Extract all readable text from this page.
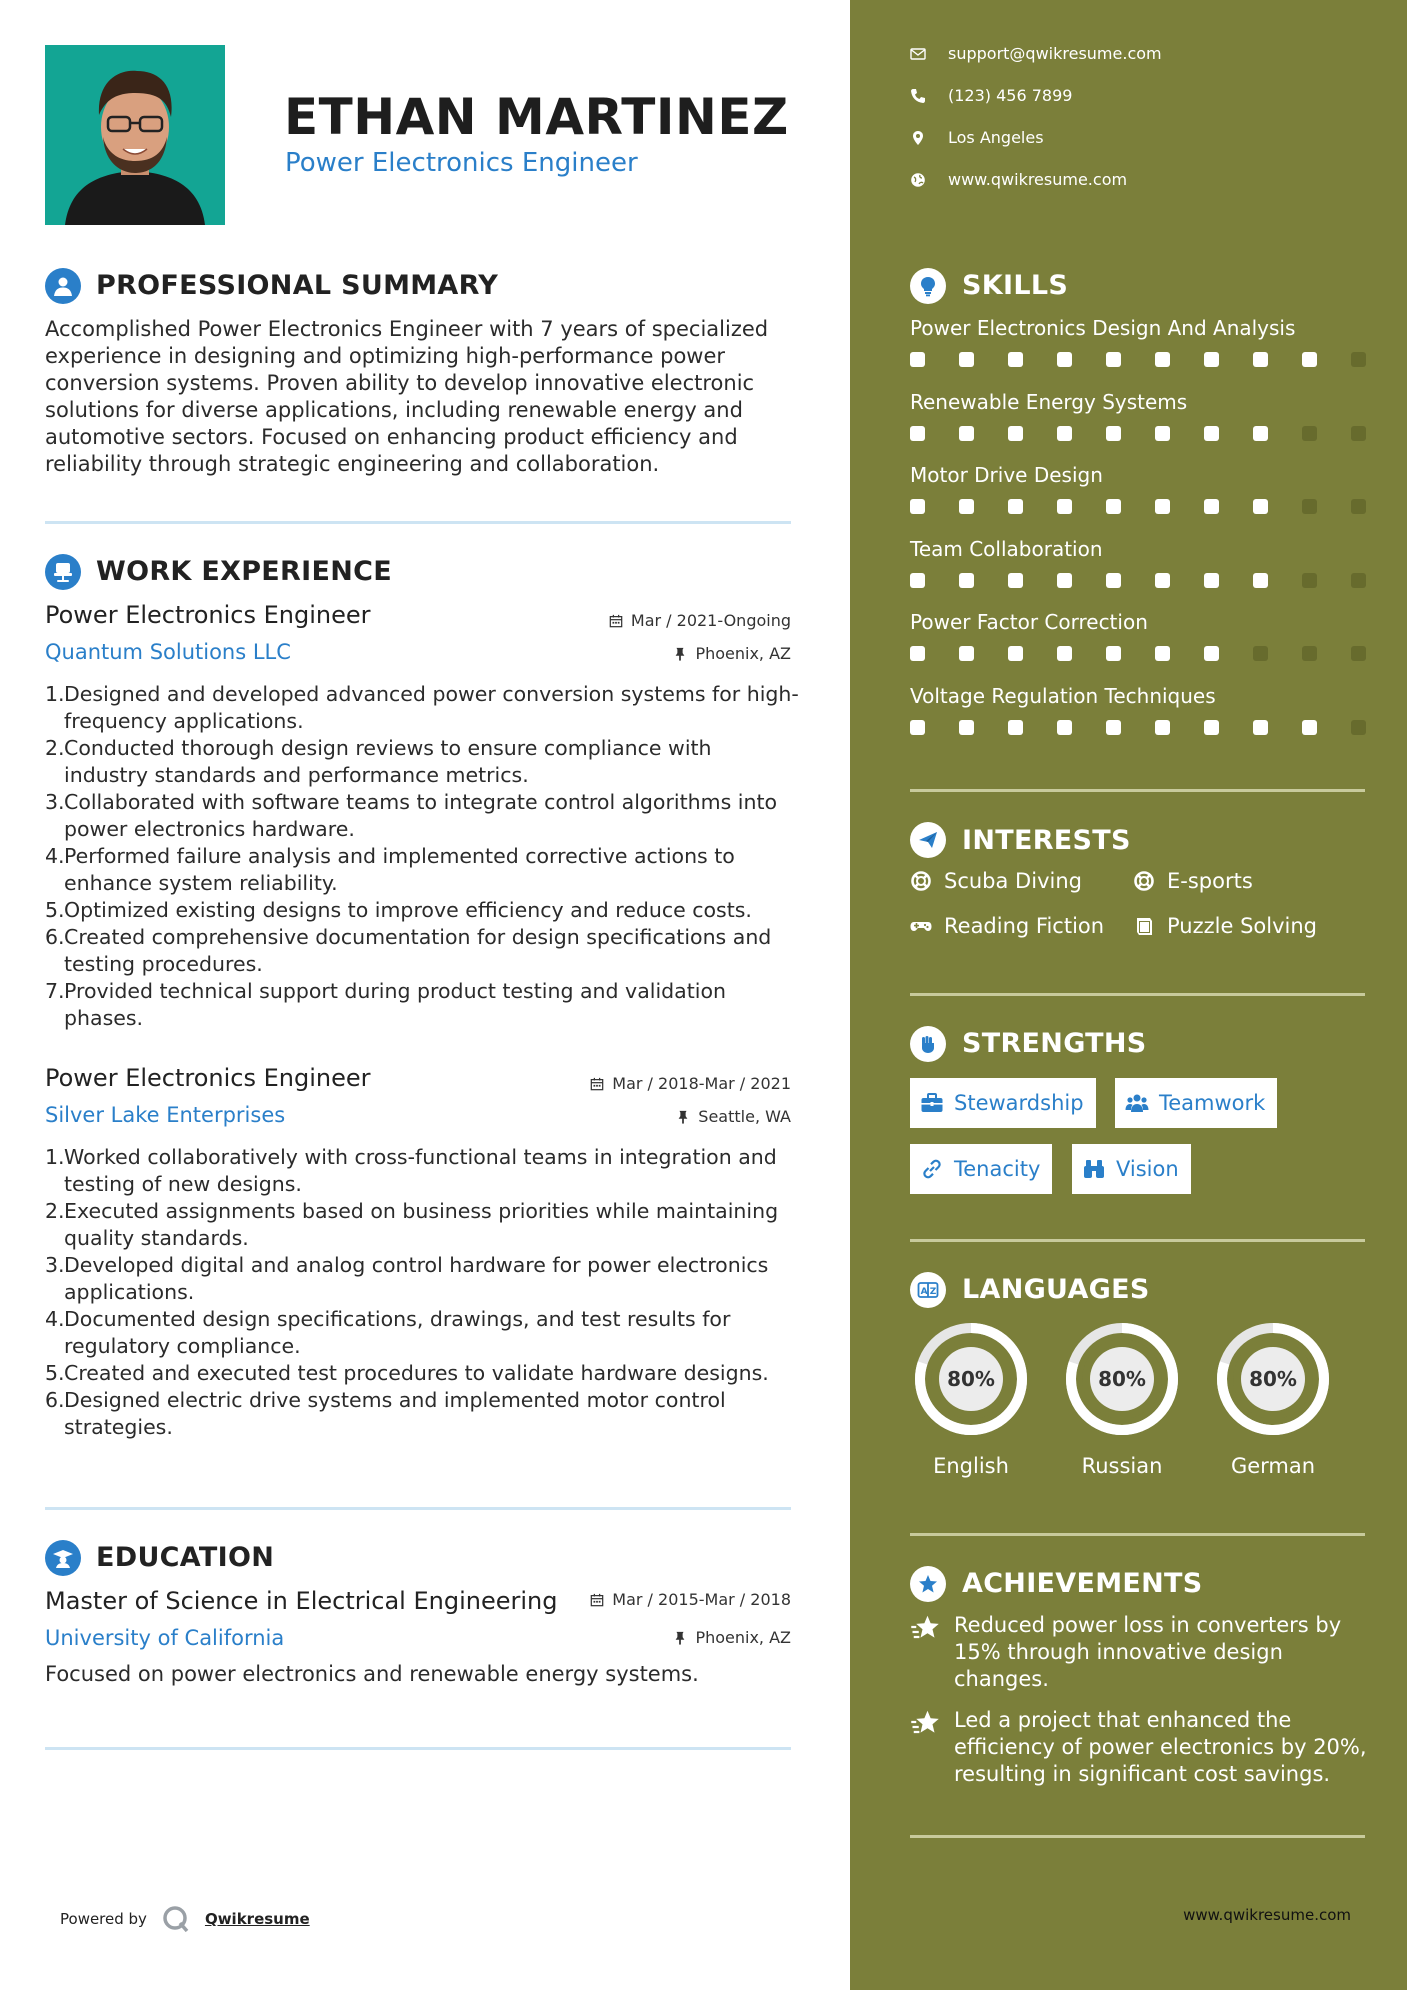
ETHAN MARTINEZ
Power Electronics Engineer
PROFESSIONAL SUMMARY
Accomplished Power Electronics Engineer with 7 years of specialized experience in designing and optimizing high-performance power conversion systems. Proven ability to develop innovative electronic solutions for diverse applications, including renewable energy and automotive sectors. Focused on enhancing product efficiency and reliability through strategic engineering and collaboration.
WORK EXPERIENCE
Power Electronics Engineer	Mar / 2021-Ongoing
Quantum Solutions LLC	Phoenix, AZ
1. Designed and developed advanced power conversion systems for high-frequency applications.
2. Conducted thorough design reviews to ensure compliance with industry standards and performance metrics.
3. Collaborated with software teams to integrate control algorithms into power electronics hardware.
4. Performed failure analysis and implemented corrective actions to enhance system reliability.
5. Optimized existing designs to improve efficiency and reduce costs.
6. Created comprehensive documentation for design specifications and testing procedures.
7. Provided technical support during product testing and validation phases.
Power Electronics Engineer	Mar / 2018-Mar / 2021
Silver Lake Enterprises	Seattle, WA
1. Worked collaboratively with cross-functional teams in integration and testing of new designs.
2. Executed assignments based on business priorities while maintaining quality standards.
3. Developed digital and analog control hardware for power electronics applications.
4. Documented design specifications, drawings, and test results for regulatory compliance.
5. Created and executed test procedures to validate hardware designs.
6. Designed electric drive systems and implemented motor control strategies.
EDUCATION
Master of Science in Electrical Engineering	Mar / 2015-Mar / 2018
University of California	Phoenix, AZ
Focused on power electronics and renewable energy systems.
Powered by	Qwikresume
support@qwikresume.com
(123) 456 7899
Los Angeles
www.qwikresume.com
SKILLS
Power Electronics Design And Analysis
Renewable Energy Systems
Motor Drive Design
Team Collaboration
Power Factor Correction
Voltage Regulation Techniques
INTERESTS
Scuba Diving	E-sports
Reading Fiction	Puzzle Solving
STRENGTHS
Stewardship	Teamwork
Tenacity	Vision
A Z LANGUAGES
80%
English
80%
Russian
80%
German
ACHIEVEMENTS
Reduced power loss in converters by 15% through innovative design changes.
Led a project that enhanced the efficiency of power electronics by 20%, resulting in significant cost savings.
www.qwikresume.com
